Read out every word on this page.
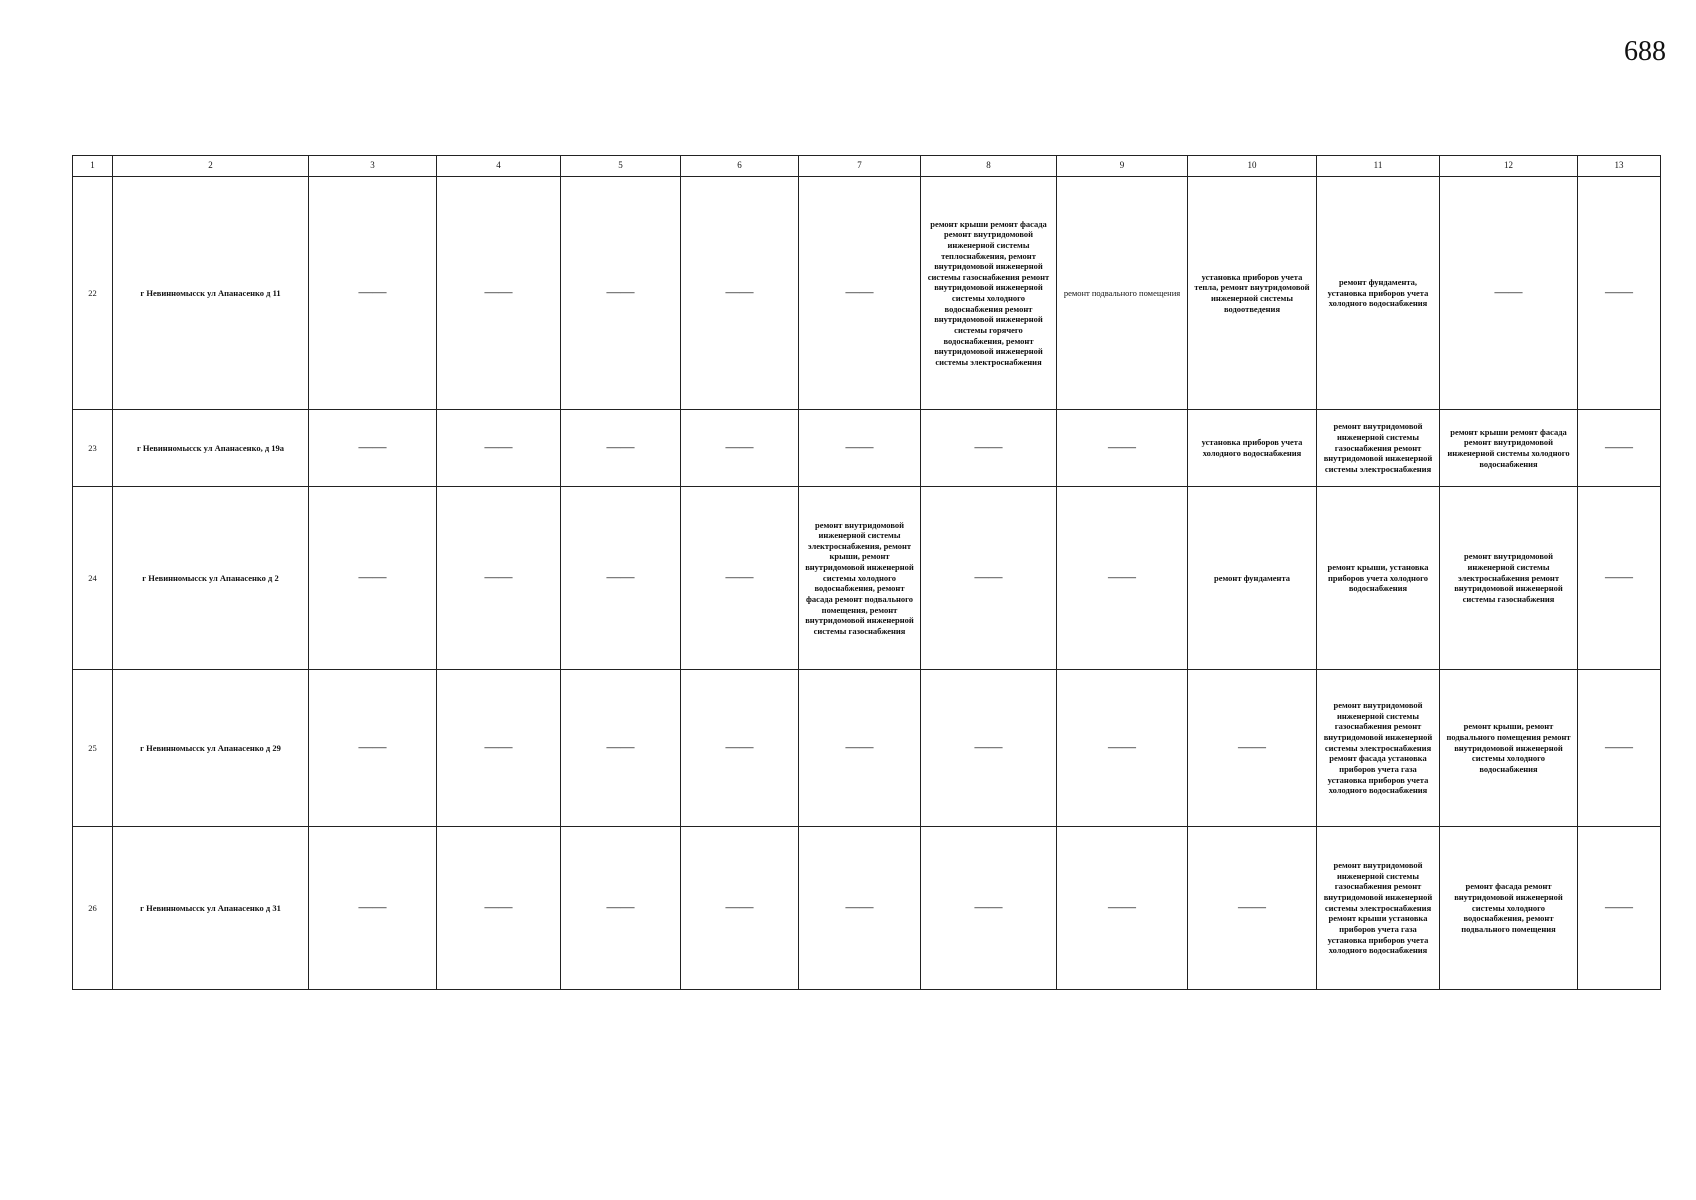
688
1	2	3	4	5	6	7	8	9	10	11	12	13
22	г Невинномысск ул Апанасенко д 11	——	——	——	——	——	ремонт крыши ремонт фасада ремонт внутридомовой инженерной системы теплоснабжения, ремонт внутридомовой инженерной системы газоснабжения ремонт внутридомовой инженерной системы холодного водоснабжения ремонт внутридомовой инженерной системы горячего водоснабжения, ремонт внутридомовой инженерной системы электроснабжения	ремонт подвального помещения	установка приборов учета тепла, ремонт внутридомовой инженерной системы водоотведения	ремонт фундамента, установка приборов учета холодного водоснабжения	——	——
23	г Невинномысск ул Апанасенко, д 19а	——	——	——	——	——	——	——	установка приборов учета холодного водоснабжения	ремонт внутридомовой инженерной системы газоснабжения ремонт внутридомовой инженерной системы электроснабжения	ремонт крыши ремонт фасада ремонт внутридомовой инженерной системы холодного водоснабжения	——
24	г Невинномысск ул Апанасенко д 2	——	——	——	——	ремонт внутридомовой инженерной системы электроснабжения, ремонт крыши, ремонт внутридомовой инженерной системы холодного водоснабжения, ремонт фасада ремонт подвального помещения, ремонт внутридомовой инженерной системы газоснабжения	——	——	ремонт фундамента	ремонт крыши, установка приборов учета холодного водоснабжения	ремонт внутридомовой инженерной системы электроснабжения ремонт внутридомовой инженерной системы газоснабжения	——
25	г Невинномысск ул Апанасенко д 29	——	——	——	——	——	——	——	——	ремонт внутридомовой инженерной системы газоснабжения ремонт внутридомовой инженерной системы электроснабжения ремонт фасада установка приборов учета газа установка приборов учета холодного водоснабжения	ремонт крыши, ремонт подвального помещения ремонт внутридомовой инженерной системы холодного водоснабжения	——
26	г Невинномысск ул Апанасенко д 31	——	——	——	——	——	——	——	——	ремонт внутридомовой инженерной системы газоснабжения ремонт внутридомовой инженерной системы электроснабжения ремонт крыши установка приборов учета газа установка приборов учета холодного водоснабжения	ремонт фасада ремонт внутридомовой инженерной системы холодного водоснабжения, ремонт подвального помещения	——
